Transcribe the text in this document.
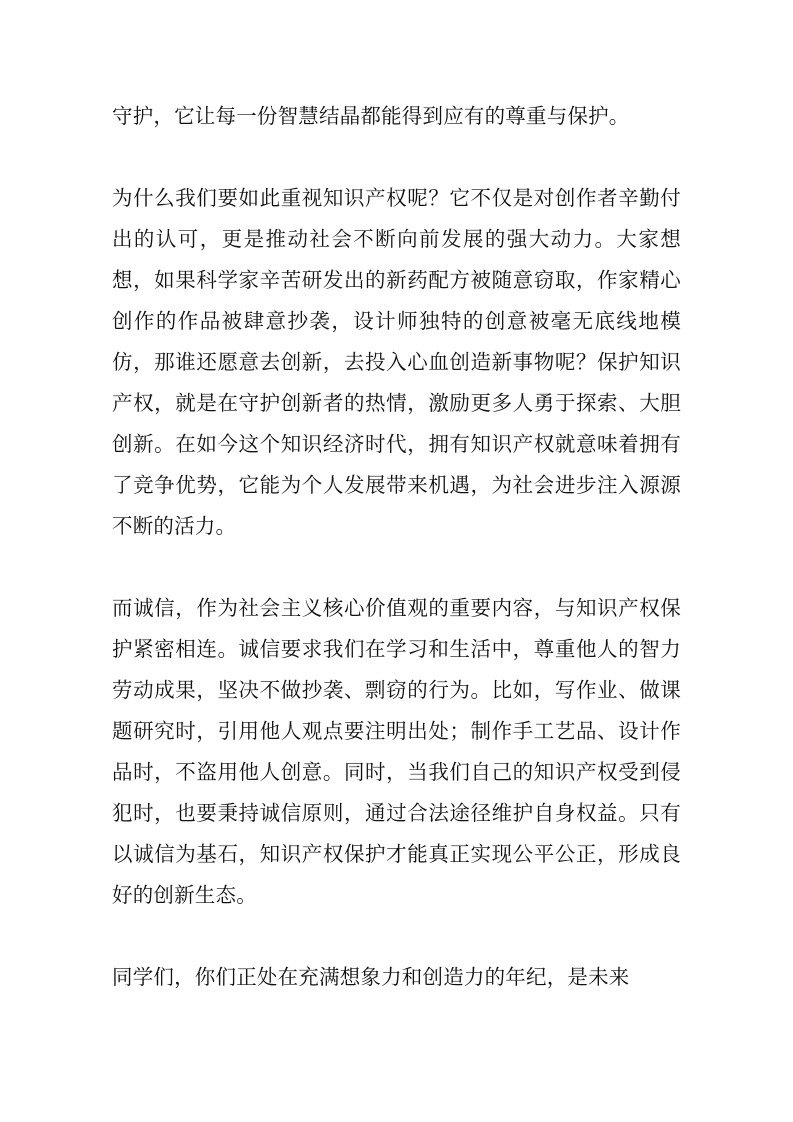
守护，它让每一份智慧结晶都能得到应有的尊重与保护。

为什么我们要如此重视知识产权呢？它不仅是对创作者辛勤付出的认可，更是推动社会不断向前发展的强大动力。大家想想，如果科学家辛苦研发出的新药配方被随意窃取，作家精心创作的作品被肆意抄袭，设计师独特的创意被毫无底线地模仿，那谁还愿意去创新，去投入心血创造新事物呢？保护知识产权，就是在守护创新者的热情，激励更多人勇于探索、大胆创新。在如今这个知识经济时代，拥有知识产权就意味着拥有了竞争优势，它能为个人发展带来机遇，为社会进步注入源源不断的活力。

而诚信，作为社会主义核心价值观的重要内容，与知识产权保护紧密相连。诚信要求我们在学习和生活中，尊重他人的智力劳动成果，坚决不做抄袭、剽窃的行为。比如，写作业、做课题研究时，引用他人观点要注明出处；制作手工艺品、设计作品时，不盗用他人创意。同时，当我们自己的知识产权受到侵犯时，也要秉持诚信原则，通过合法途径维护自身权益。只有以诚信为基石，知识产权保护才能真正实现公平公正，形成良好的创新生态。

同学们，你们正处在充满想象力和创造力的年纪，是未来
